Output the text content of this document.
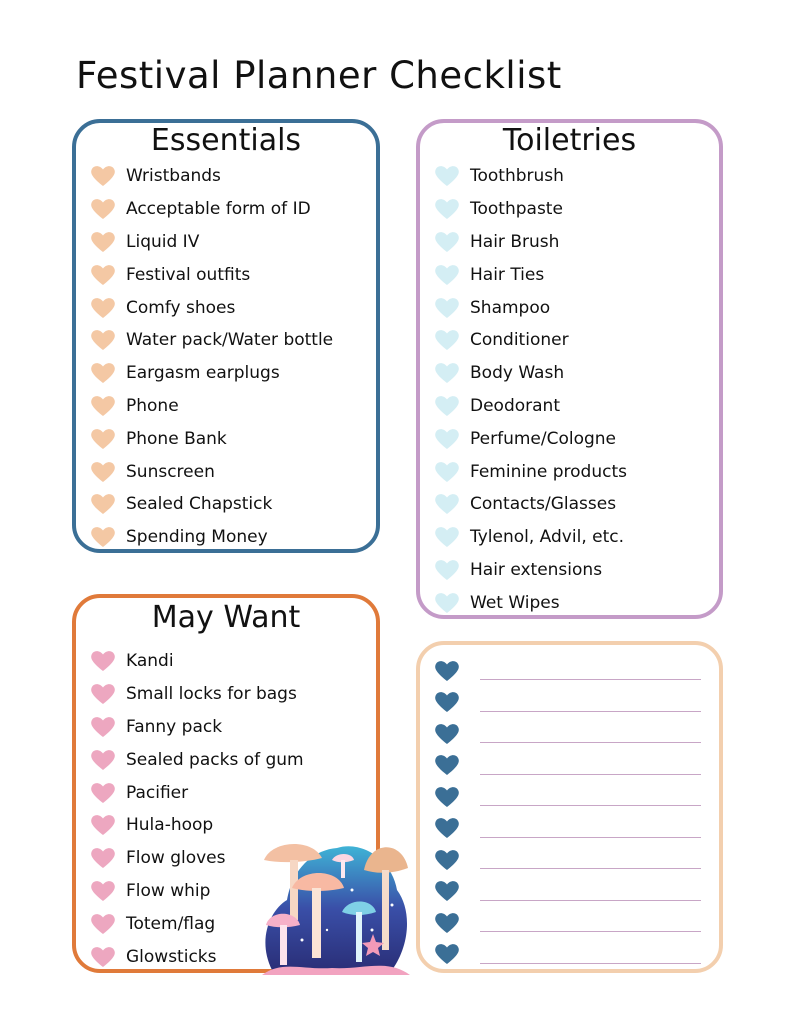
Festival Planner Checklist
Essentials
Wristbands
Acceptable form of ID
Liquid IV
Festival outfits
Comfy shoes
Water pack/Water bottle
Eargasm earplugs
Phone
Phone Bank
Sunscreen
Sealed Chapstick
Spending Money
Toiletries
Toothbrush
Toothpaste
Hair Brush
Hair Ties
Shampoo
Conditioner
Body Wash
Deodorant
Perfume/Cologne
Feminine products
Contacts/Glasses
Tylenol, Advil, etc.
Hair extensions
Wet Wipes
May Want
Kandi
Small locks for bags
Fanny pack
Sealed packs of gum
Pacifier
Hula-hoop
Flow gloves
Flow whip
Totem/flag
Glowsticks
